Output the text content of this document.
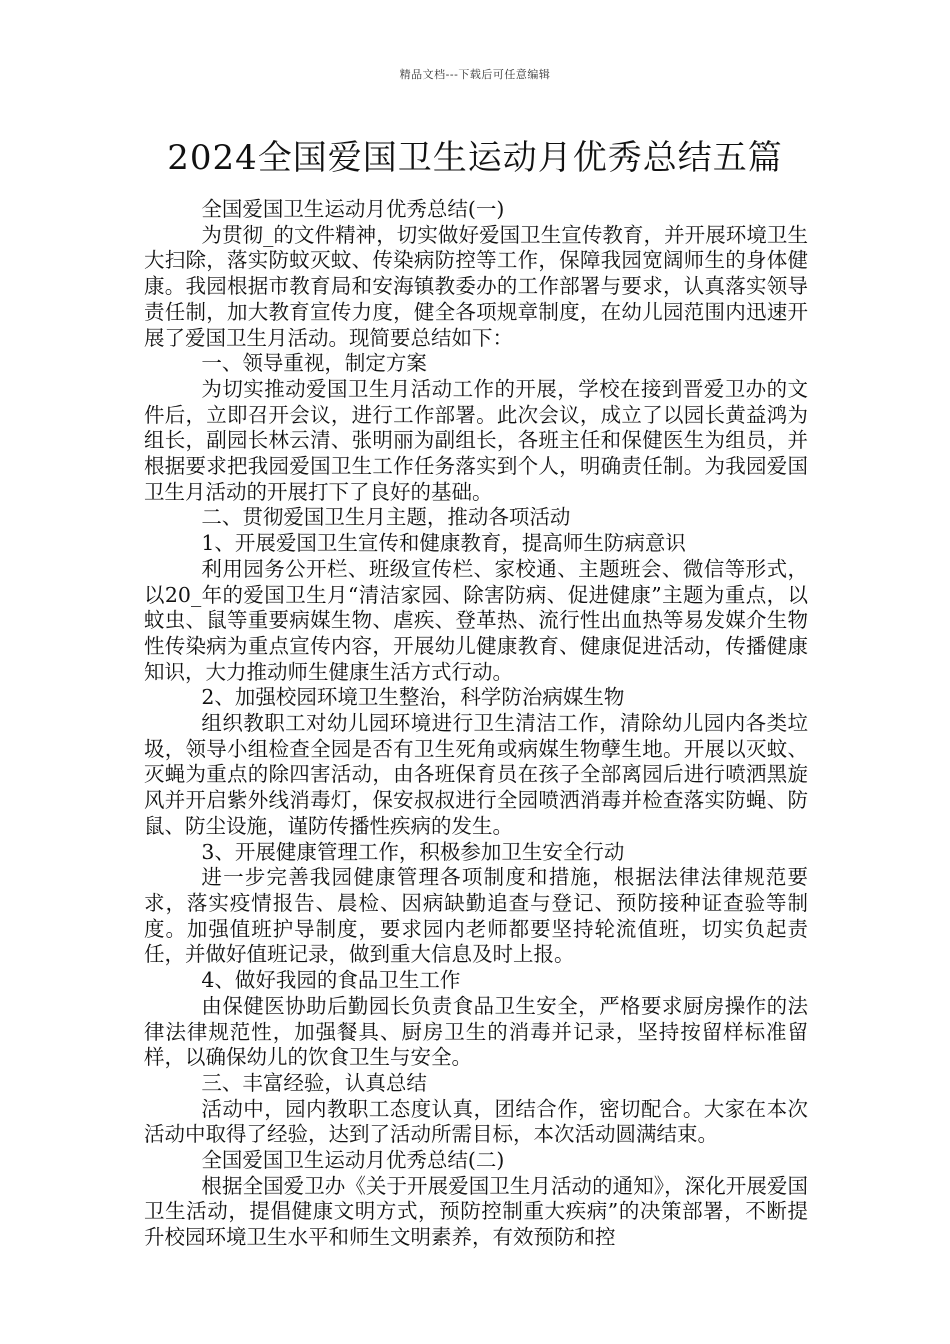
精品文档---下载后可任意编辑
2024全国爱国卫生运动月优秀总结五篇

全国爱国卫生运动月优秀总结(一)

为贯彻_的文件精神，切实做好爱国卫生宣传教育，并开展环境卫生大扫除，落实防蚊灭蚊、传染病防控等工作，保障我园宽阔师生的身体健康。我园根据市教育局和安海镇教委办的工作部署与要求，认真落实领导责任制，加大教育宣传力度，健全各项规章制度，在幼儿园范围内迅速开展了爱国卫生月活动。现简要总结如下：

一、领导重视，制定方案

为切实推动爱国卫生月活动工作的开展，学校在接到晋爱卫办的文件后，立即召开会议，进行工作部署。此次会议，成立了以园长黄益鸿为组长，副园长林云清、张明丽为副组长，各班主任和保健医生为组员，并根据要求把我园爱国卫生工作任务落实到个人，明确责任制。为我园爱国卫生月活动的开展打下了良好的基础。

二、贯彻爱国卫生月主题，推动各项活动

1、开展爱国卫生宣传和健康教育，提高师生防病意识

利用园务公开栏、班级宣传栏、家校通、主题班会、微信等形式，以20_年的爱国卫生月“清洁家园、除害防病、促进健康”主题为重点，以蚊虫、鼠等重要病媒生物、虐疾、登革热、流行性出血热等易发媒介生物性传染病为重点宣传内容，开展幼儿健康教育、健康促进活动，传播健康知识，大力推动师生健康生活方式行动。

2、加强校园环境卫生整治，科学防治病媒生物

组织教职工对幼儿园环境进行卫生清洁工作，清除幼儿园内各类垃圾，领导小组检查全园是否有卫生死角或病媒生物孽生地。开展以灭蚊、灭蝇为重点的除四害活动，由各班保育员在孩子全部离园后进行喷洒黑旋风并开启紫外线消毒灯，保安叔叔进行全园喷洒消毒并检查落实防蝇、防鼠、防尘设施，谨防传播性疾病的发生。

3、开展健康管理工作，积极参加卫生安全行动

进一步完善我园健康管理各项制度和措施，根据法律法律规范要求，落实疫情报告、晨检、因病缺勤追查与登记、预防接种证查验等制度。加强值班护导制度，要求园内老师都要坚持轮流值班，切实负起责任，并做好值班记录，做到重大信息及时上报。

4、做好我园的食品卫生工作

由保健医协助后勤园长负责食品卫生安全，严格要求厨房操作的法律法律规范性，加强餐具、厨房卫生的消毒并记录，坚持按留样标准留样，以确保幼儿的饮食卫生与安全。

三、丰富经验，认真总结

活动中，园内教职工态度认真，团结合作，密切配合。大家在本次活动中取得了经验，达到了活动所需目标，本次活动圆满结束。

全国爱国卫生运动月优秀总结(二)

根据全国爱卫办《关于开展爱国卫生月活动的通知》，深化开展爱国卫生活动，提倡健康文明方式，预防控制重大疾病”的决策部署，不断提升校园环境卫生水平和师生文明素养，有效预防和控
